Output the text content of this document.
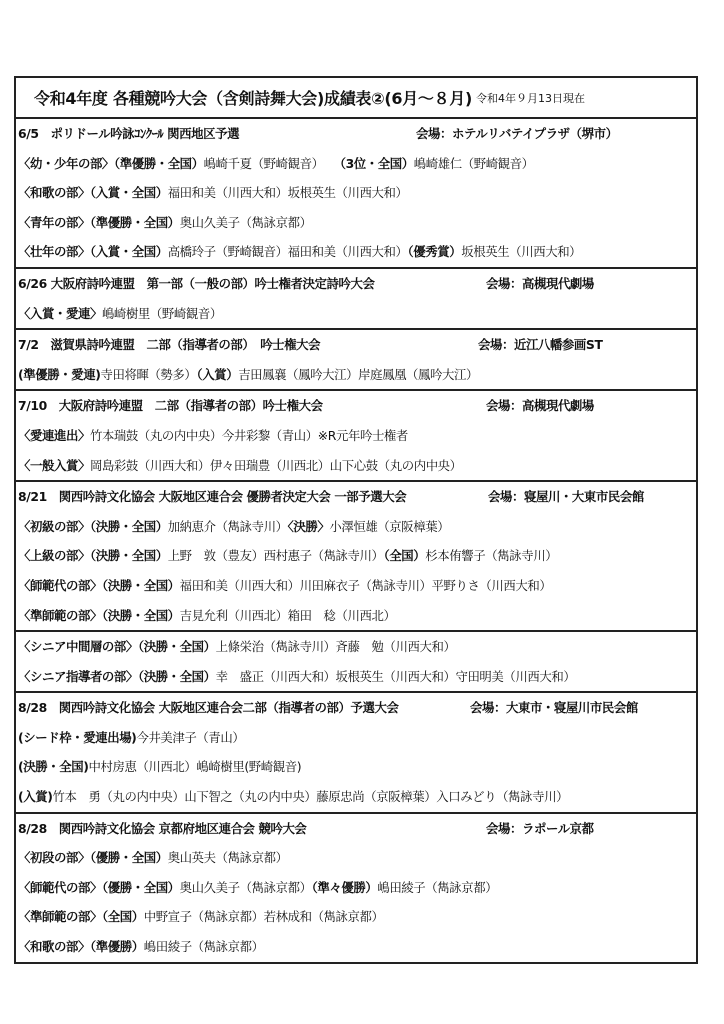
令和4年度 各種競吟大会（含剣詩舞大会)成績表②(6月〜８月) 令和4年９月13日現在
6/5　ポリドール吟詠ｺﾝｸｰﾙ 関西地区予選	会場：ホテルリバテイプラザ（堺市）
〈幼・少年の部〉（準優勝・全国）嶋崎千夏（野崎観音） （3位・全国）嶋崎雄仁（野崎観音）
〈和歌の部〉（入賞・全国）福田和美（川西大和）坂根英生（川西大和）
〈青年の部〉（準優勝・全国）奥山久美子（雋詠京都）
〈壮年の部〉（入賞・全国）高橋玲子（野崎観音）福田和美（川西大和）（優秀賞）坂根英生（川西大和）
6/26 大阪府詩吟連盟　第一部（一般の部）吟士権者決定詩吟大会	会場：高槻現代劇場
〈入賞・愛連〉嶋崎樹里（野崎観音）
7/2　滋賀県詩吟連盟　二部（指導者の部）　吟士権大会	会場：近江八幡参画ST
(準優勝・愛連)寺田将暉（勢多）（入賞）吉田鳳襄（鳳吟大江）岸庭鳳凰（鳳吟大江）
7/10　大阪府詩吟連盟　二部（指導者の部）吟士権大会	会場：高槻現代劇場
〈愛連進出〉竹本瑞鼓（丸の内中央）今井彩黎（青山）※R元年吟士権者
〈一般入賞〉岡島彩鼓（川西大和）伊々田瑞豊（川西北）山下心鼓（丸の内中央）
8/21　関西吟詩文化協会 大阪地区連合会 優勝者決定大会 一部予選大会	会場：寝屋川・大東市民会館
〈初級の部〉（決勝・全国）加納恵介（雋詠寺川）〈決勝〉小澤恒雄（京阪樟葉）
〈上級の部〉（決勝・全国）上野　敦（豊友）西村惠子（雋詠寺川）（全国）杉本侑響子（雋詠寺川）
〈師範代の部〉（決勝・全国）福田和美（川西大和）川田麻衣子（雋詠寺川）平野りさ（川西大和）
〈準師範の部〉（決勝・全国）吉見允利（川西北）箱田　稔（川西北）
〈シニア中間層の部〉（決勝・全国）上條栄治（雋詠寺川）斉藤　勉（川西大和）
〈シニア指導者の部〉（決勝・全国）幸　盛正（川西大和）坂根英生（川西大和）守田明美（川西大和）
8/28　関西吟詩文化協会 大阪地区連合会二部（指導者の部）予選大会	会場：大東市・寝屋川市民会館
(シード枠・愛連出場)今井美津子（青山）
(決勝・全国)中村房恵（川西北）嶋崎樹里(野崎観音)
(入賞)竹本　勇（丸の内中央）山下智之（丸の内中央）藤原忠尚（京阪樟葉）入口みどり（雋詠寺川）
8/28　関西吟詩文化協会 京都府地区連合会 競吟大会	会場：ラポール京都
〈初段の部〉（優勝・全国）奥山英夫（雋詠京都）
〈師範代の部〉（優勝・全国）奥山久美子（雋詠京都）（準々優勝）嶋田綾子（雋詠京都）
〈準師範の部〉（全国）中野宣子（雋詠京都）若林成和（雋詠京都）
〈和歌の部〉（準優勝）嶋田綾子（雋詠京都）
